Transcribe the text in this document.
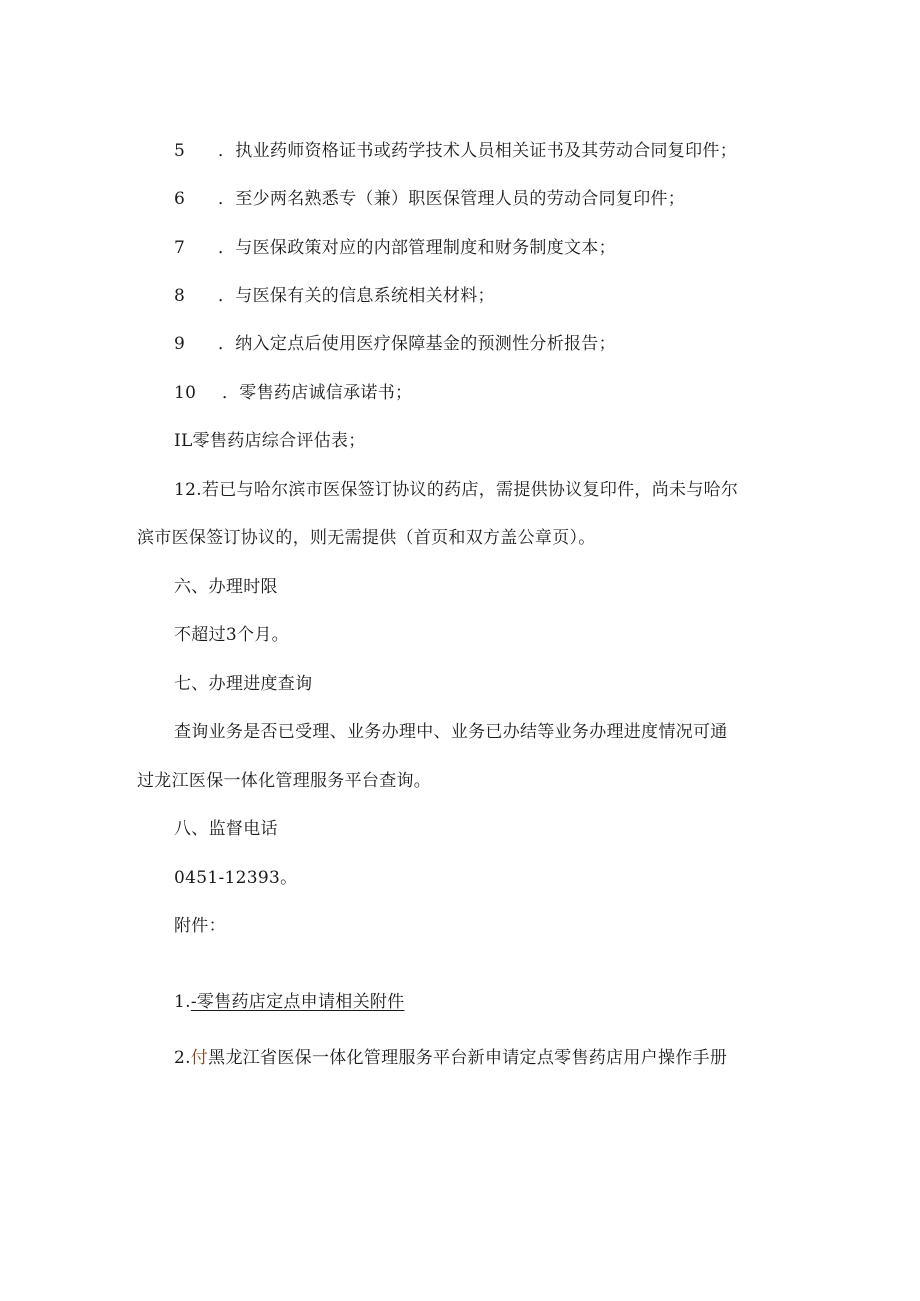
5 ．执业药师资格证书或药学技术人员相关证书及其劳动合同复印件；
6 ．至少两名熟悉专（兼）职医保管理人员的劳动合同复印件；
7 ．与医保政策对应的内部管理制度和财务制度文本；
8 ．与医保有关的信息系统相关材料；
9 ．纳入定点后使用医疗保障基金的预测性分析报告；
10 ．零售药店诚信承诺书；
IL零售药店综合评估表；
12.若已与哈尔滨市医保签订协议的药店，需提供协议复印件，尚未与哈尔
滨市医保签订协议的，则无需提供（首页和双方盖公章页）。
六、办理时限
不超过3个月。
七、办理进度查询
查询业务是否已受理、业务办理中、业务已办结等业务办理进度情况可通
过龙江医保一体化管理服务平台查询。
八、监督电话
0451-12393。
附件：
1.-零售药店定点申请相关附件
2.付黑龙江省医保一体化管理服务平台新申请定点零售药店用户操作手册
